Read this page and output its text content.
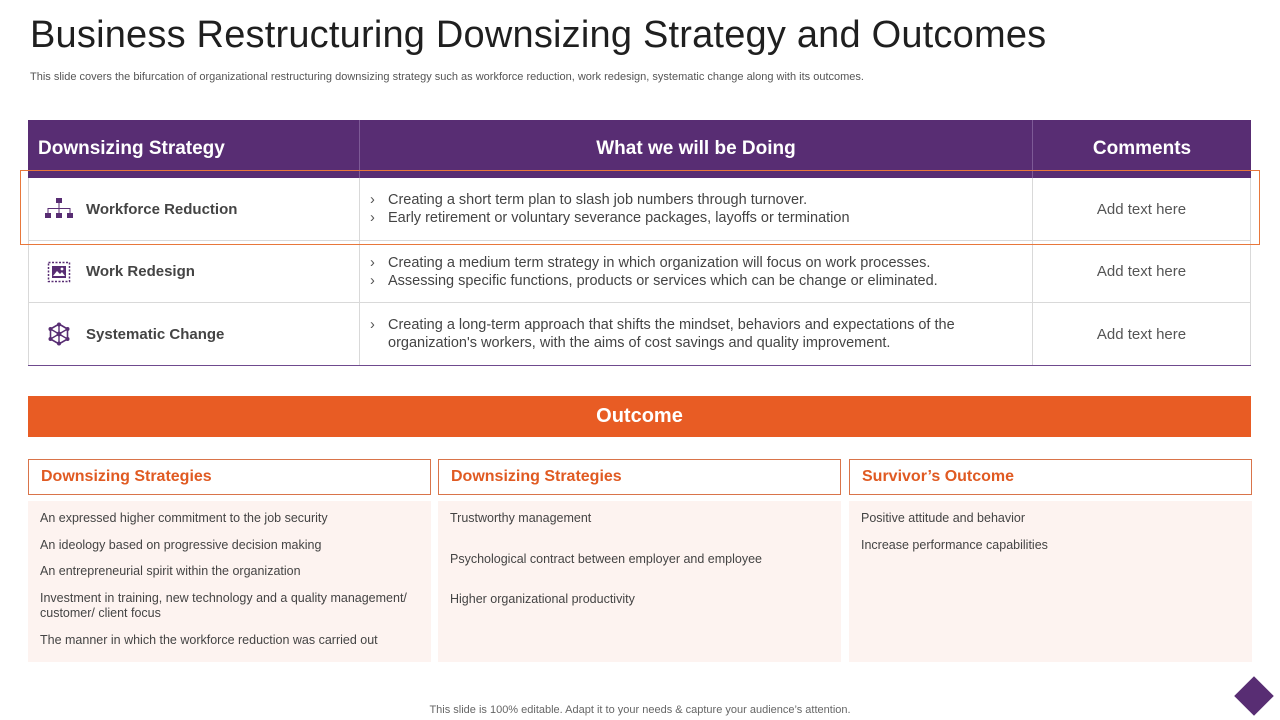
Business Restructuring Downsizing Strategy and Outcomes
This slide covers the bifurcation of organizational restructuring downsizing strategy such as workforce reduction, work redesign, systematic change along with its outcomes.
Downsizing Strategy	What we will be Doing	Comments
Workforce Reduction
› Creating a short term plan to slash job numbers through turnover.
› Early retirement or voluntary severance packages, layoffs or termination
Add text here
Work Redesign
› Creating a medium term strategy in which organization will focus on work processes.
› Assessing specific functions, products or services which can be change or eliminated.
Add text here
Systematic Change
› Creating a long-term approach that shifts the mindset, behaviors and expectations of the organization's workers, with the aims of cost savings and quality improvement.
Add text here
Outcome
Downsizing Strategies
An expressed higher commitment to the job security
An ideology based on progressive decision making
An entrepreneurial spirit within the organization
Investment in training, new technology and a quality management/ customer/ client focus
The manner in which the workforce reduction was carried out
Downsizing Strategies
Trustworthy management
Psychological contract between employer and employee
Higher organizational productivity
Survivor’s Outcome
Positive attitude and behavior
Increase performance capabilities
This slide is 100% editable. Adapt it to your needs & capture your audience’s attention.
